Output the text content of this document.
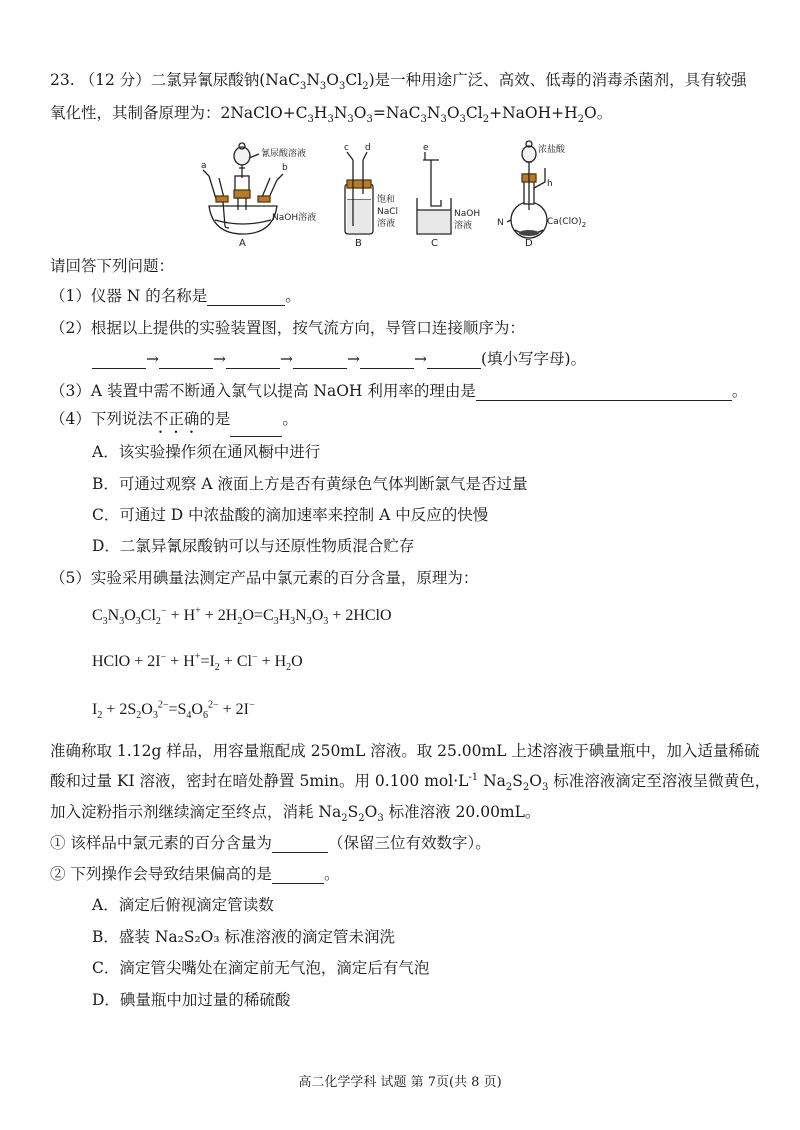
23. （12 分）二氯异氰尿酸钠$(NaC_3N_3O_3Cl_2)$是一种用途广泛、高效、低毒的消毒杀菌剂，具有较强
氧化性，其制备原理为：$2NaClO+C_3H_3N_3O_3=NaC_3N_3O_3Cl_2+NaOH+H_2O$。
a	b
氰尿酸溶液
NaOH溶液
A
c d
饱和
NaCl
溶液
B
e
NaOH
溶液
C
浓盐酸
h
N	$Ca(ClO)_2$
D
请回答下列问题：
（1）仪器 N 的名称是	。
（2）根据以上提供的实验装置图，按气流方向，导管口连接顺序为：
→	→	→	→	→	(填小写字母)。
（3）A 装置中需不断通入氯气以提高 NaOH 利用率的理由是	。
（4）下列说法不正确的是	。
A．该实验操作须在通风橱中进行
B．可通过观察 A 液面上方是否有黄绿色气体判断氯气是否过量
C．可通过 D 中浓盐酸的滴加速率来控制 A 中反应的快慢
D．二氯异氰尿酸钠可以与还原性物质混合贮存
（5）实验采用碘量法测定产品中氯元素的百分含量，原理为：
$C_3N_3O_3Cl_2^- + H^+ + 2H_2O=C_3H_3N_3O_3$ + 2HClO
HClO + $2I^- + H^+=I_2 + Cl^- + H_2O$
$I_2 + 2S_2O_3^{2-}=S_4O_6^{2-} + 2I^-$
准确称取 1.12g 样品，用容量瓶配成 250mL 溶液。取 25.00mL 上述溶液于碘量瓶中，加入适量稀硫
酸和过量 KI 溶液，密封在暗处静置 5min。用 0.100 $mol\cdot L^{-1}$ $Na_2S_2O_3$ 标准溶液滴定至溶液呈微黄色，
加入淀粉指示剂继续滴定至终点，消耗 $Na_2S_2O_3$ 标准溶液 20.00mL。
① 该样品中氯元素的百分含量为	（保留三位有效数字）。
② 下列操作会导致结果偏高的是	。
A．滴定后俯视滴定管读数
B．盛装 Na₂S₂O₃ 标准溶液的滴定管未润洗
C．滴定管尖嘴处在滴定前无气泡，滴定后有气泡
D．碘量瓶中加过量的稀硫酸
高二化学学科 试题 第 7页(共 8 页)
